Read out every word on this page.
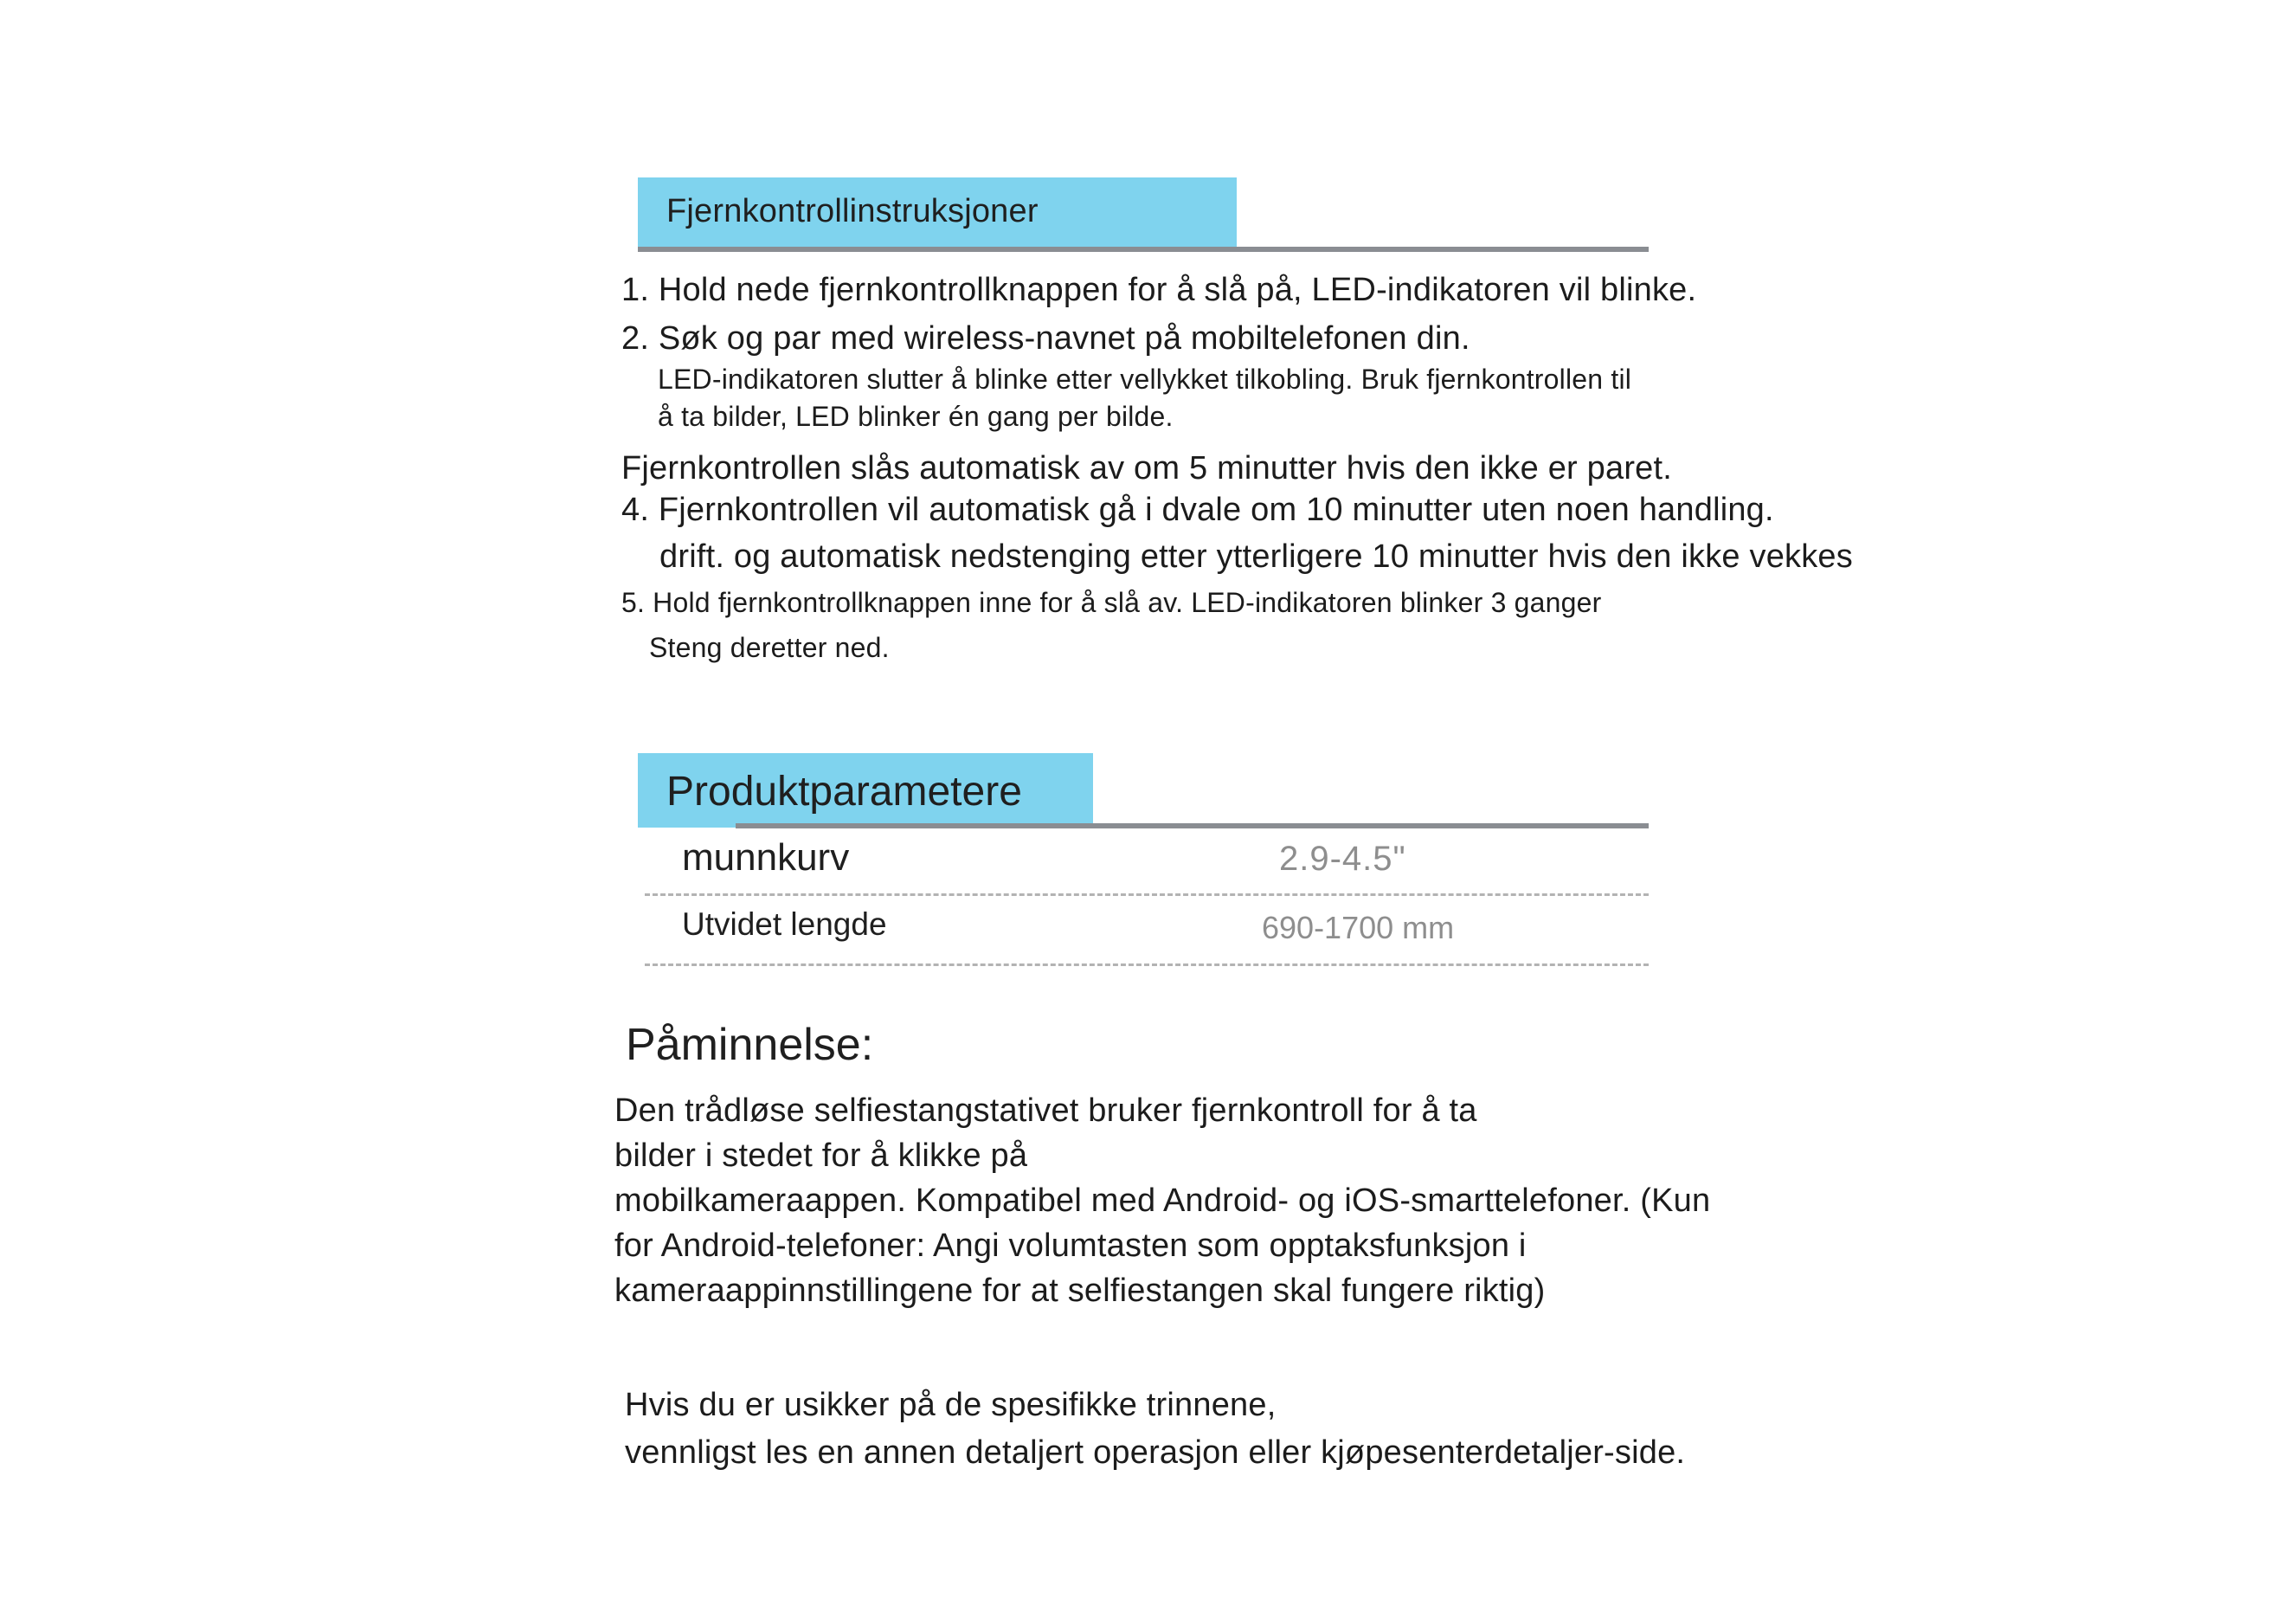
Fjernkontrollinstruksjoner
1. Hold nede fjernkontrollknappen for å slå på, LED-indikatoren vil blinke.
2. Søk og par med wireless-navnet på mobiltelefonen din.
LED-indikatoren slutter å blinke etter vellykket tilkobling. Bruk fjernkontrollen til
å ta bilder, LED blinker én gang per bilde.
Fjernkontrollen slås automatisk av om 5 minutter hvis den ikke er paret.
4. Fjernkontrollen vil automatisk gå i dvale om 10 minutter uten noen handling.
drift. og automatisk nedstenging etter ytterligere 10 minutter hvis den ikke vekkes
5. Hold fjernkontrollknappen inne for å slå av. LED-indikatoren blinker 3 ganger
Steng deretter ned.
Produktparametere
munnkurv	2.9-4.5"
Utvidet lengde	690-1700 mm
Påminnelse:
Den trådløse selfiestangstativet bruker fjernkontroll for å ta
bilder i stedet for å klikke på
mobilkameraappen. Kompatibel med Android- og iOS-smarttelefoner. (Kun
for Android-telefoner: Angi volumtasten som opptaksfunksjon i
kameraappinnstillingene for at selfiestangen skal fungere riktig)
Hvis du er usikker på de spesifikke trinnene,
vennligst les en annen detaljert operasjon eller kjøpesenterdetaljer-side.
